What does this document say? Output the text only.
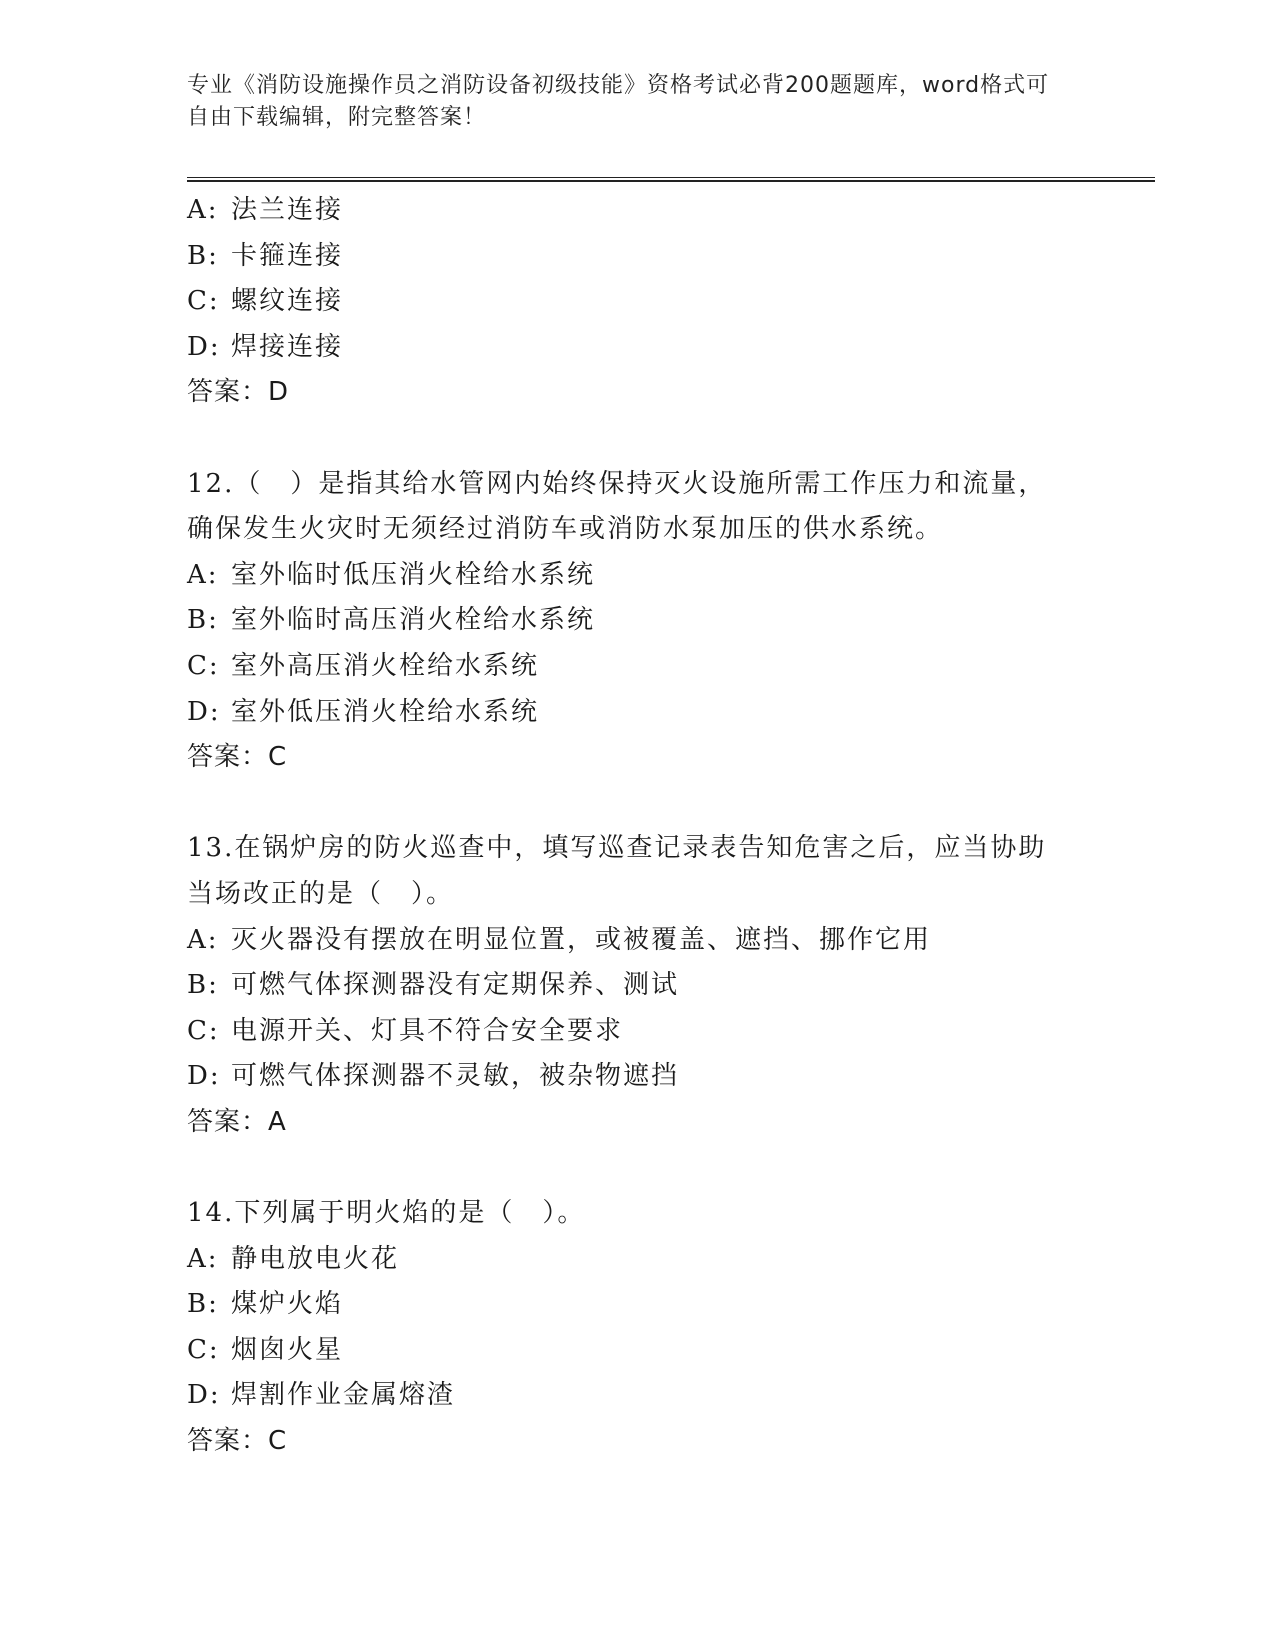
专业《消防设施操作员之消防设备初级技能》资格考试必背200题题库，word格式可自由下载编辑，附完整答案！
A: 法兰连接
B: 卡箍连接
C: 螺纹连接
D: 焊接连接
答案：D
12.（　）是指其给水管网内始终保持灭火设施所需工作压力和流量，
确保发生火灾时无须经过消防车或消防水泵加压的供水系统。
A: 室外临时低压消火栓给水系统
B: 室外临时高压消火栓给水系统
C: 室外高压消火栓给水系统
D: 室外低压消火栓给水系统
答案：C
13.在锅炉房的防火巡查中，填写巡查记录表告知危害之后，应当协助
当场改正的是（　）。
A: 灭火器没有摆放在明显位置，或被覆盖、遮挡、挪作它用
B: 可燃气体探测器没有定期保养、测试
C: 电源开关、灯具不符合安全要求
D: 可燃气体探测器不灵敏，被杂物遮挡
答案：A
14.下列属于明火焰的是（　）。
A: 静电放电火花
B: 煤炉火焰
C: 烟囱火星
D: 焊割作业金属熔渣
答案：C
